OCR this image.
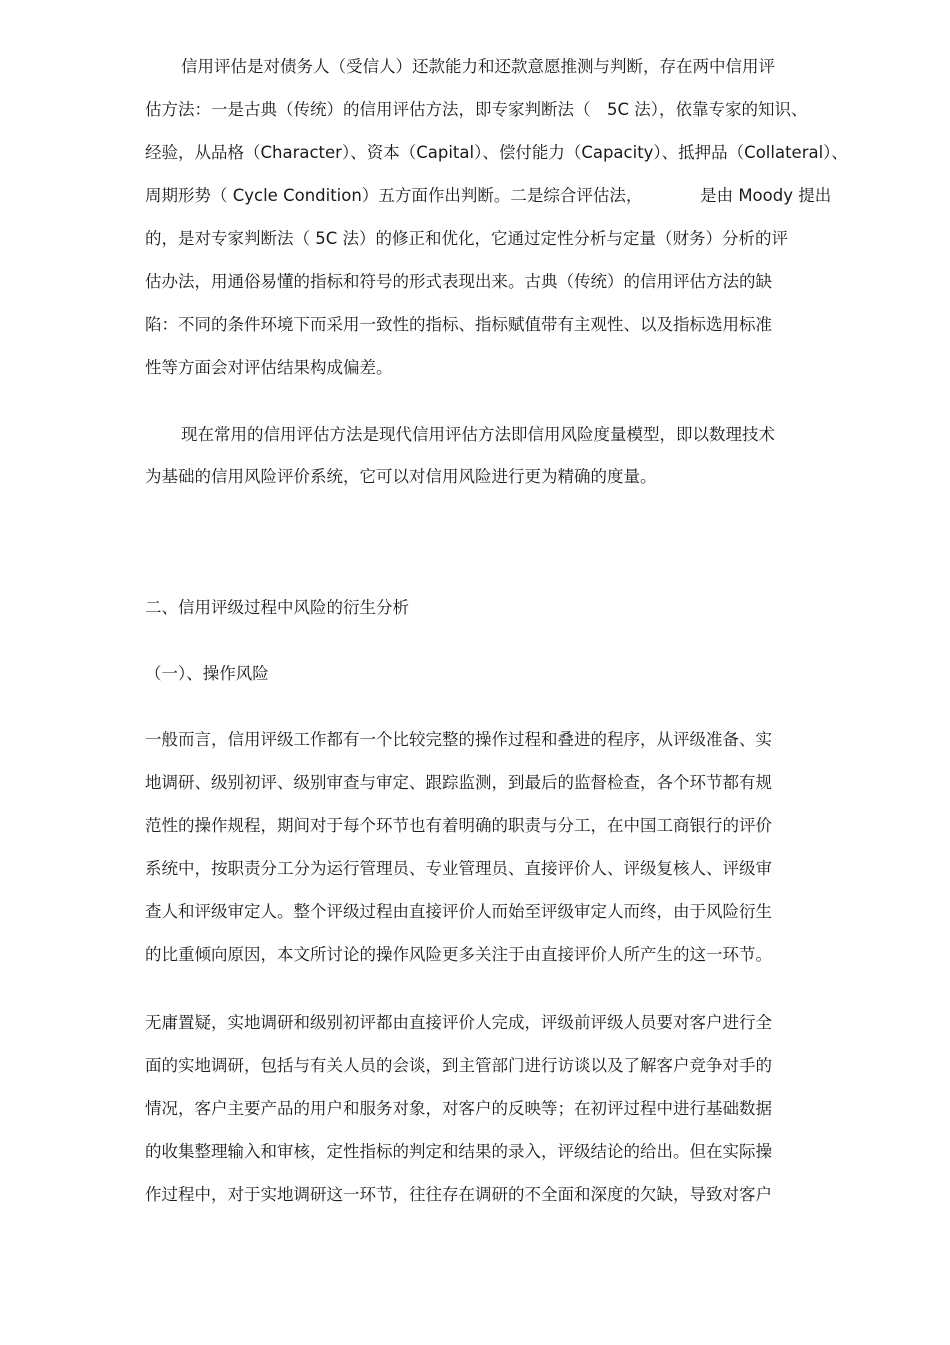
信用评估是对债务人（受信人）还款能力和还款意愿推测与判断，存在两中信用评
估方法：一是古典（传统）的信用评估方法，即专家判断法（　5C 法），依靠专家的知识、
经验，从品格（Character）、资本（Capital）、偿付能力（Capacity）、抵押品（Collateral）、
周期形势（ Cycle Condition）五方面作出判断。二是综合评估法，　　　　是由 Moody 提出
的，是对专家判断法（ 5C 法）的修正和优化，它通过定性分析与定量（财务）分析的评
估办法，用通俗易懂的指标和符号的形式表现出来。古典（传统）的信用评估方法的缺
陷：不同的条件环境下而采用一致性的指标、指标赋值带有主观性、以及指标选用标准
性等方面会对评估结果构成偏差。
现在常用的信用评估方法是现代信用评估方法即信用风险度量模型，即以数理技术
为基础的信用风险评价系统，它可以对信用风险进行更为精确的度量。
二、信用评级过程中风险的衍生分析
（一）、操作风险
一般而言，信用评级工作都有一个比较完整的操作过程和叠进的程序，从评级准备、实
地调研、级别初评、级别审查与审定、跟踪监测，到最后的监督检查，各个环节都有规
范性的操作规程，期间对于每个环节也有着明确的职责与分工，在中国工商银行的评价
系统中，按职责分工分为运行管理员、专业管理员、直接评价人、评级复核人、评级审
查人和评级审定人。整个评级过程由直接评价人而始至评级审定人而终，由于风险衍生
的比重倾向原因，本文所讨论的操作风险更多关注于由直接评价人所产生的这一环节。
无庸置疑，实地调研和级别初评都由直接评价人完成，评级前评级人员要对客户进行全
面的实地调研，包括与有关人员的会谈，到主管部门进行访谈以及了解客户竞争对手的
情况，客户主要产品的用户和服务对象，对客户的反映等；在初评过程中进行基础数据
的收集整理输入和审核，定性指标的判定和结果的录入，评级结论的给出。但在实际操
作过程中，对于实地调研这一环节，往往存在调研的不全面和深度的欠缺，导致对客户
